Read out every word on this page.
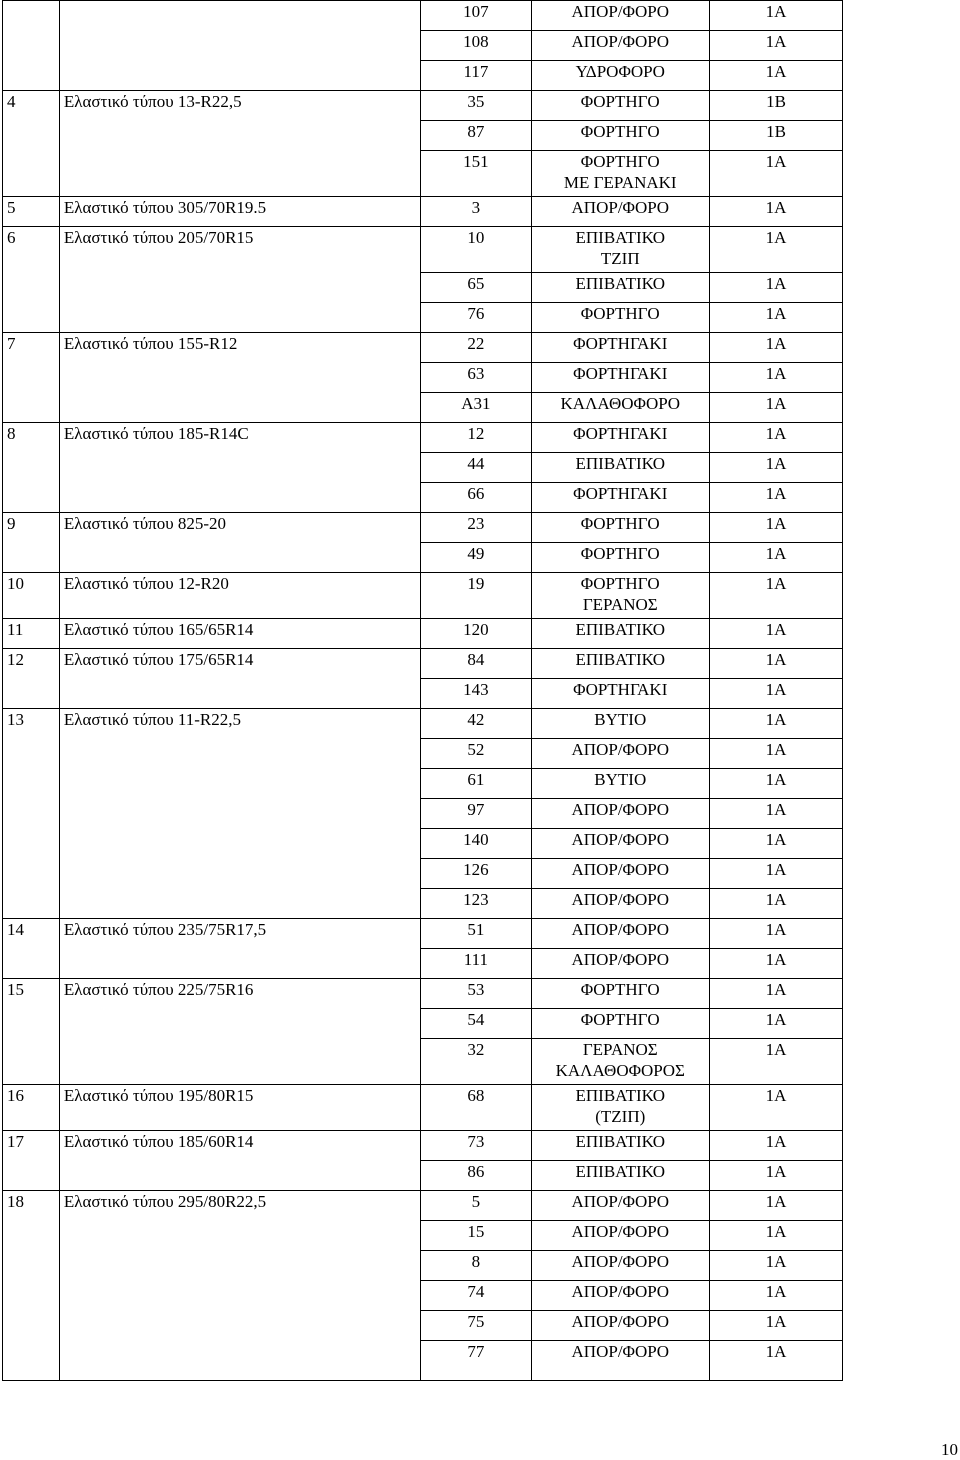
		107	ΑΠΟΡ/ΦΟΡΟ	1Α
		108	ΑΠΟΡ/ΦΟΡΟ	1Α
		117	ΥΔΡΟΦΟΡΟ	1Α
4	Ελαστικό τύπου 13-R22,5	35	ΦΟΡΤΗΓΟ	1Β
		87	ΦΟΡΤΗΓΟ	1Β
		151	ΦΟΡΤΗΓΟ
ΜΕ ΓΕΡΑΝΑΚΙ	1Α
5	Ελαστικό τύπου 305/70R19.5	3	ΑΠΟΡ/ΦΟΡΟ	1Α
6	Ελαστικό τύπου 205/70R15	10	ΕΠΙΒΑΤΙΚΟ
ΤΖΙΠ	1Α
		65	ΕΠΙΒΑΤΙΚΟ	1Α
		76	ΦΟΡΤΗΓΟ	1Α
7	Ελαστικό τύπου 155-R12	22	ΦΟΡΤΗΓΑΚΙ	1Α
		63	ΦΟΡΤΗΓΑΚΙ	1Α
		Α31	ΚΑΛΑΘΟΦΟΡΟ	1Α
8	Ελαστικό τύπου 185-R14C	12	ΦΟΡΤΗΓΑΚΙ	1Α
		44	ΕΠΙΒΑΤΙΚΟ	1Α
		66	ΦΟΡΤΗΓΑΚΙ	1Α
9	Ελαστικό τύπου 825-20	23	ΦΟΡΤΗΓΟ	1Α
		49	ΦΟΡΤΗΓΟ	1Α
10	Ελαστικό τύπου 12-R20	19	ΦΟΡΤΗΓΟ
ΓΕΡΑΝΟΣ	1Α
11	Ελαστικό τύπου 165/65R14	120	ΕΠΙΒΑΤΙΚΟ	1Α
12	Ελαστικό τύπου 175/65R14	84	ΕΠΙΒΑΤΙΚΟ	1Α
		143	ΦΟΡΤΗΓΑΚΙ	1Α
13	Ελαστικό τύπου 11-R22,5	42	ΒΥΤΙΟ	1Α
		52	ΑΠΟΡ/ΦΟΡΟ	1Α
		61	ΒΥΤΙΟ	1Α
		97	ΑΠΟΡ/ΦΟΡΟ	1Α
		140	ΑΠΟΡ/ΦΟΡΟ	1Α
		126	ΑΠΟΡ/ΦΟΡΟ	1Α
		123	ΑΠΟΡ/ΦΟΡΟ	1Α
14	Ελαστικό τύπου 235/75R17,5	51	ΑΠΟΡ/ΦΟΡΟ	1Α
		111	ΑΠΟΡ/ΦΟΡΟ	1Α
15	Ελαστικό τύπου 225/75R16	53	ΦΟΡΤΗΓΟ	1Α
		54	ΦΟΡΤΗΓΟ	1Α
		32	ΓΕΡΑΝΟΣ
ΚΑΛΑΘΟΦΟΡΟΣ	1Α
16	Ελαστικό τύπου 195/80R15	68	ΕΠΙΒΑΤΙΚΟ
(ΤΖΙΠ)	1Α
17	Ελαστικό τύπου 185/60R14	73	ΕΠΙΒΑΤΙΚΟ	1Α
		86	ΕΠΙΒΑΤΙΚΟ	1Α
18	Ελαστικό τύπου 295/80R22,5	5	ΑΠΟΡ/ΦΟΡΟ	1Α
		15	ΑΠΟΡ/ΦΟΡΟ	1Α
		8	ΑΠΟΡ/ΦΟΡΟ	1Α
		74	ΑΠΟΡ/ΦΟΡΟ	1Α
		75	ΑΠΟΡ/ΦΟΡΟ	1Α
		77	ΑΠΟΡ/ΦΟΡΟ	1Α
10
